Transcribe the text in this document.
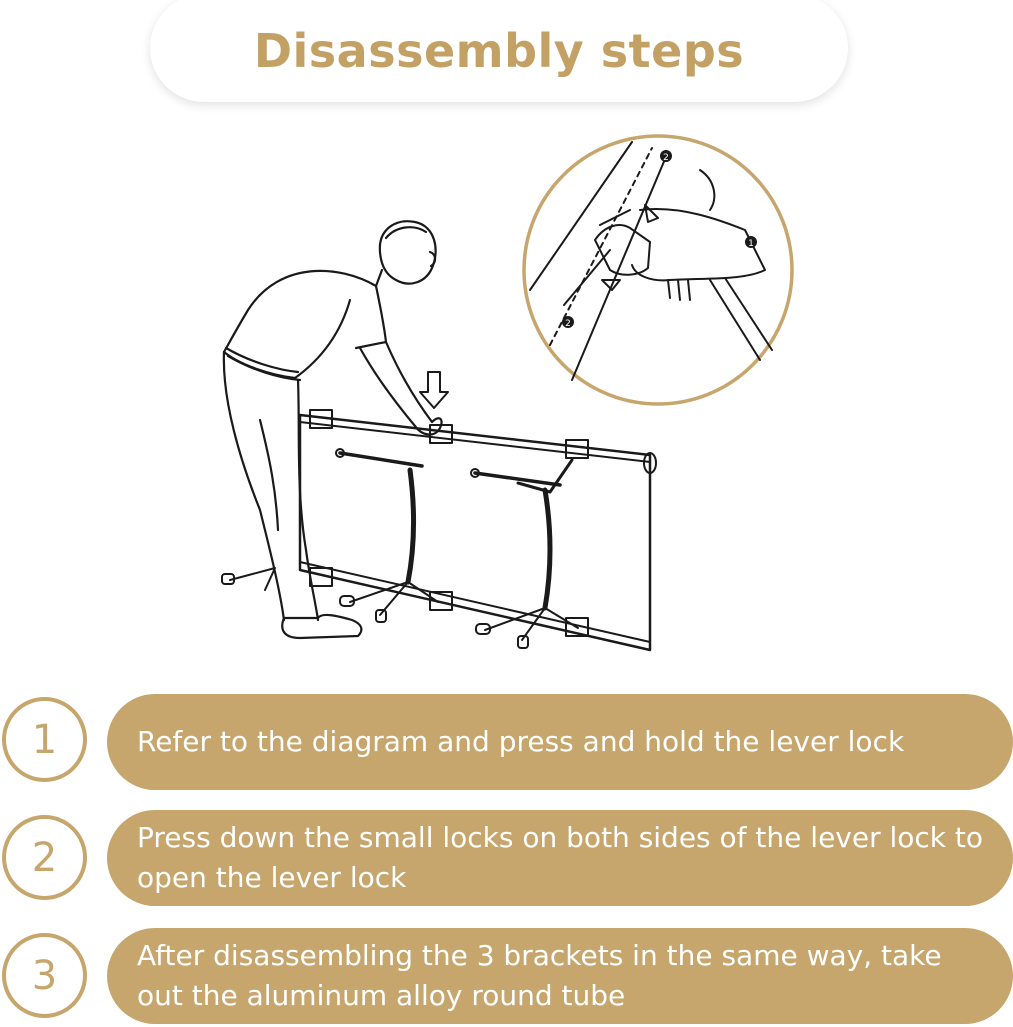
Disassembly steps
2
1
2
1	Refer to the diagram and press and hold the lever lock
2	Press down the small locks on both sides of the lever lock to open the lever lock
3	After disassembling the 3 brackets in the same way, take out the aluminum alloy round tube
